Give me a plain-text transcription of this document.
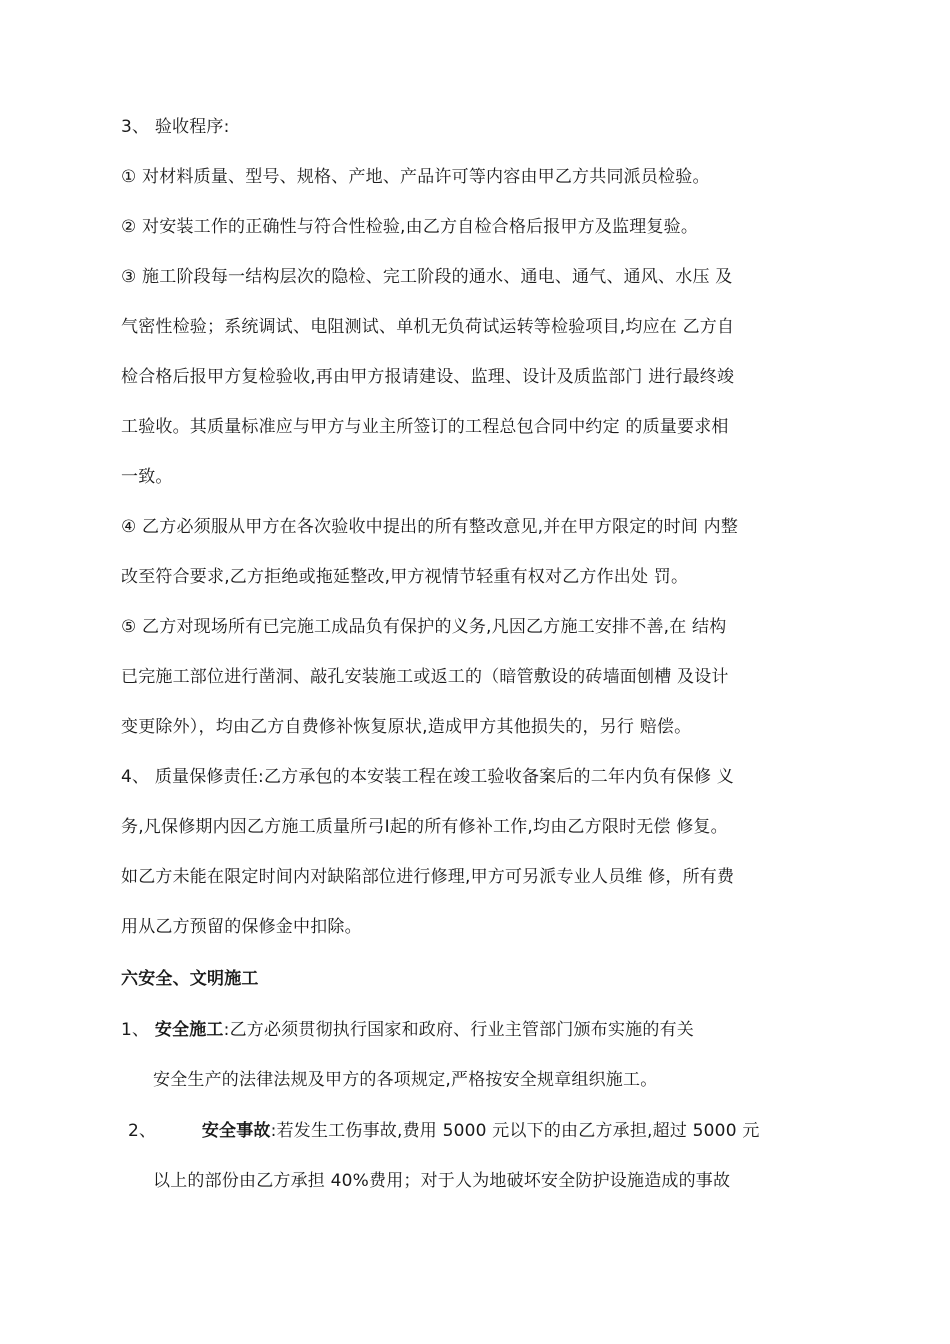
3、 验收程序:
① 对材料质量、型号、规格、产地、产品许可等内容由甲乙方共同派员检验。
② 对安装工作的正确性与符合性检验,由乙方自检合格后报甲方及监理复验。
③ 施工阶段每一结构层次的隐检、完工阶段的通水、通电、通气、通风、水压 及
气密性检验；系统调试、电阻测试、单机无负荷试运转等检验项目,均应在 乙方自
检合格后报甲方复检验收,再由甲方报请建设、监理、设计及质监部门 进行最终竣
工验收。其质量标准应与甲方与业主所签订的工程总包合同中约定 的质量要求相
一致。
④ 乙方必须服从甲方在各次验收中提出的所有整改意见,并在甲方限定的时间 内整
改至符合要求,乙方拒绝或拖延整改,甲方视情节轻重有权对乙方作出处 罚。
⑤ 乙方对现场所有已完施工成品负有保护的义务,凡因乙方施工安排不善,在 结构
已完施工部位进行凿洞、敲孔安装施工或返工的（暗管敷设的砖墙面刨槽 及设计
变更除外），均由乙方自费修补恢复原状,造成甲方其他损失的，另行 赔偿。
4、 质量保修责任:乙方承包的本安装工程在竣工验收备案后的二年内负有保修 义
务,凡保修期内因乙方施工质量所弓I起的所有修补工作,均由乙方限时无偿 修复。
如乙方未能在限定时间内对缺陷部位进行修理,甲方可另派专业人员维 修，所有费
用从乙方预留的保修金中扣除。
六安全、文明施工
1、 安全施工:乙方必须贯彻执行国家和政府、行业主管部门颁布实施的有关
安全生产的法律法规及甲方的各项规定,严格按安全规章组织施工。
2、	安全事故:若发生工伤事故,费用 5000 元以下的由乙方承担,超过 5000 元
以上的部份由乙方承担 40%费用；对于人为地破坏安全防护设施造成的事故
